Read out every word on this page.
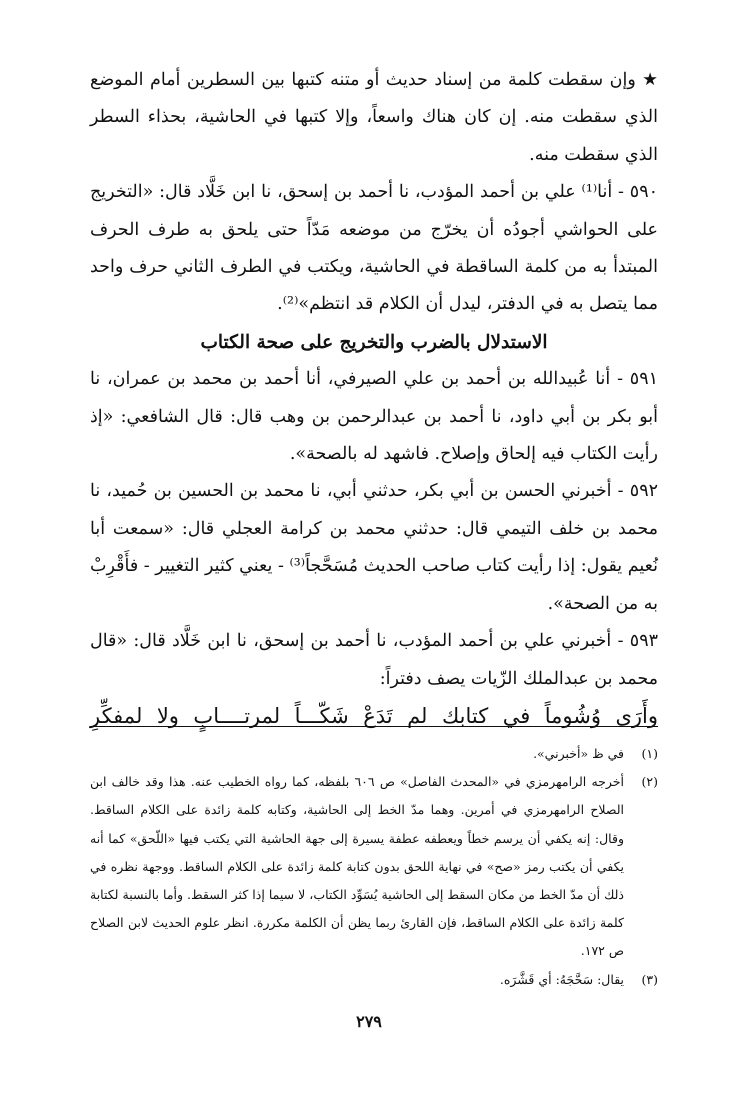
★ وإن سقطت كلمة من إسناد حديث أو متنه كتبها بين السطرين أمام الموضع الذي سقطت منه. إن كان هناك واسعاً، وإلا كتبها في الحاشية، بحذاء السطر الذي سقطت منه.

٥٩٠ - أنا⁽¹⁾ علي بن أحمد المؤدب، نا أحمد بن إسحق، نا ابن خَلَّاد قال: «التخريج على الحواشي أجودُه أن يخرّج من موضعه مَدّاً حتى يلحق به طرف الحرف المبتدأ به من كلمة الساقطة في الحاشية، ويكتب في الطرف الثاني حرف واحد مما يتصل به في الدفتر، ليدل أن الكلام قد انتظم»⁽²⁾.

الاستدلال بالضرب والتخريج على صحة الكتاب

٥٩١ - أنا عُبيدالله بن أحمد بن علي الصيرفي، أنا أحمد بن محمد بن عمران، نا أبو بكر بن أبي داود، نا أحمد بن عبدالرحمن بن وهب قال: قال الشافعي: «إذ رأيت الكتاب فيه إلحاق وإصلاح. فاشهد له بالصحة».

٥٩٢ - أخبرني الحسن بن أبي بكر، حدثني أبي، نا محمد بن الحسين بن حُميد، نا محمد بن خلف التيمي قال: حدثني محمد بن كرامة العجلي قال: «سمعت أبا نُعيم يقول: إذا رأيت كتاب صاحب الحديث مُسَحَّجاً⁽³⁾ - يعني كثير التغيير - فأَقْرِبْ به من الصحة».

٥٩٣ - أخبرني علي بن أحمد المؤدب، نا أحمد بن إسحق، نا ابن خَلَّاد قال: «قال محمد بن عبدالملك الزّيات يصف دفتراً:

وأَرَى وُشُوماً في كتابك لم تَدَعْ شَكّـــاً لمرتــــابٍ ولا لمفكِّرِ

(١)
في ظ «أخبرني».
(٢)
أخرجه الرامهرمزي في «المحدث الفاصل» ص ٦٠٦ بلفظه، كما رواه الخطيب عنه. هذا وقد خالف ابن الصلاح الرامهرمزي في أمرين. وهما مدّ الخط إلى الحاشية، وكتابه كلمة زائدة على الكلام الساقط. وقال: إنه يكفي أن يرسم خطاً ويعطفه عطفة يسيرة إلى جهة الحاشية التي يكتب فيها «اللّحق» كما أنه يكفي أن يكتب رمز «صح» في نهاية اللحق بدون كتابة كلمة زائدة على الكلام الساقط. ووجهة نظره في ذلك أن مدّ الخط من مكان السقط إلى الحاشية يُسَوِّد الكتاب، لا سيما إذا كثر السقط. وأما بالنسبة لكتابة كلمة زائدة على الكلام الساقط، فإن القارئ ربما يظن أن الكلمة مكررة. انظر علوم الحديث لابن الصلاح ص ١٧٢.
(٣)
يقال: سَحَّجَهُ: أي قَشَّرَه.
٢٧٩
